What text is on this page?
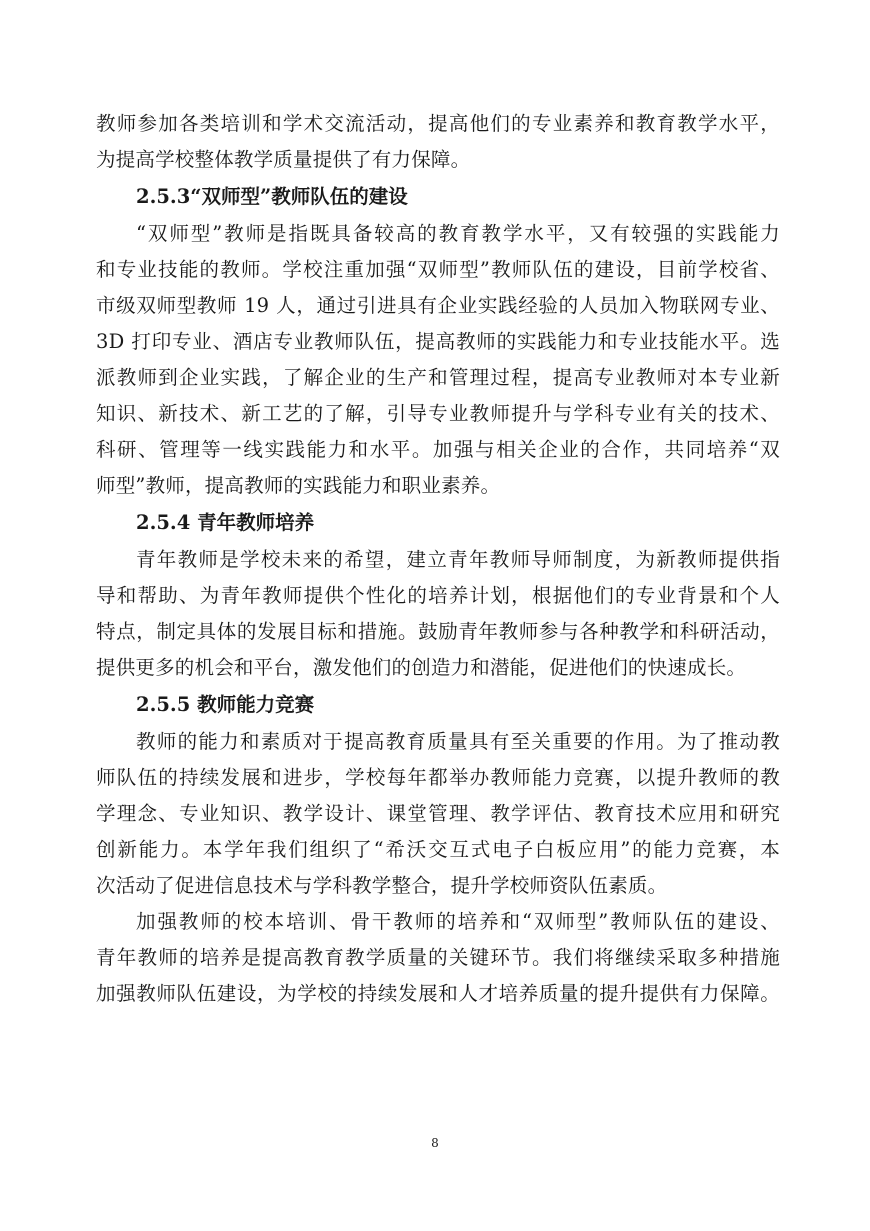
教师参加各类培训和学术交流活动，提高他们的专业素养和教育教学水平，
为提高学校整体教学质量提供了有力保障。
2.5.3“双师型”教师队伍的建设
“双师型”教师是指既具备较高的教育教学水平，又有较强的实践能力
和专业技能的教师。学校注重加强“双师型”教师队伍的建设，目前学校省、
市级双师型教师 19 人，通过引进具有企业实践经验的人员加入物联网专业、
3D 打印专业、酒店专业教师队伍，提高教师的实践能力和专业技能水平。选
派教师到企业实践，了解企业的生产和管理过程，提高专业教师对本专业新
知识、新技术、新工艺的了解，引导专业教师提升与学科专业有关的技术、
科研、管理等一线实践能力和水平。加强与相关企业的合作，共同培养“双
师型”教师，提高教师的实践能力和职业素养。
2.5.4 青年教师培养
青年教师是学校未来的希望，建立青年教师导师制度，为新教师提供指
导和帮助、为青年教师提供个性化的培养计划，根据他们的专业背景和个人
特点，制定具体的发展目标和措施。鼓励青年教师参与各种教学和科研活动，
提供更多的机会和平台，激发他们的创造力和潜能，促进他们的快速成长。
2.5.5 教师能力竞赛
教师的能力和素质对于提高教育质量具有至关重要的作用。为了推动教
师队伍的持续发展和进步，学校每年都举办教师能力竞赛，以提升教师的教
学理念、专业知识、教学设计、课堂管理、教学评估、教育技术应用和研究
创新能力。本学年我们组织了“希沃交互式电子白板应用”的能力竞赛，本
次活动了促进信息技术与学科教学整合，提升学校师资队伍素质。
加强教师的校本培训、骨干教师的培养和“双师型”教师队伍的建设、
青年教师的培养是提高教育教学质量的关键环节。我们将继续采取多种措施
加强教师队伍建设，为学校的持续发展和人才培养质量的提升提供有力保障。
8
